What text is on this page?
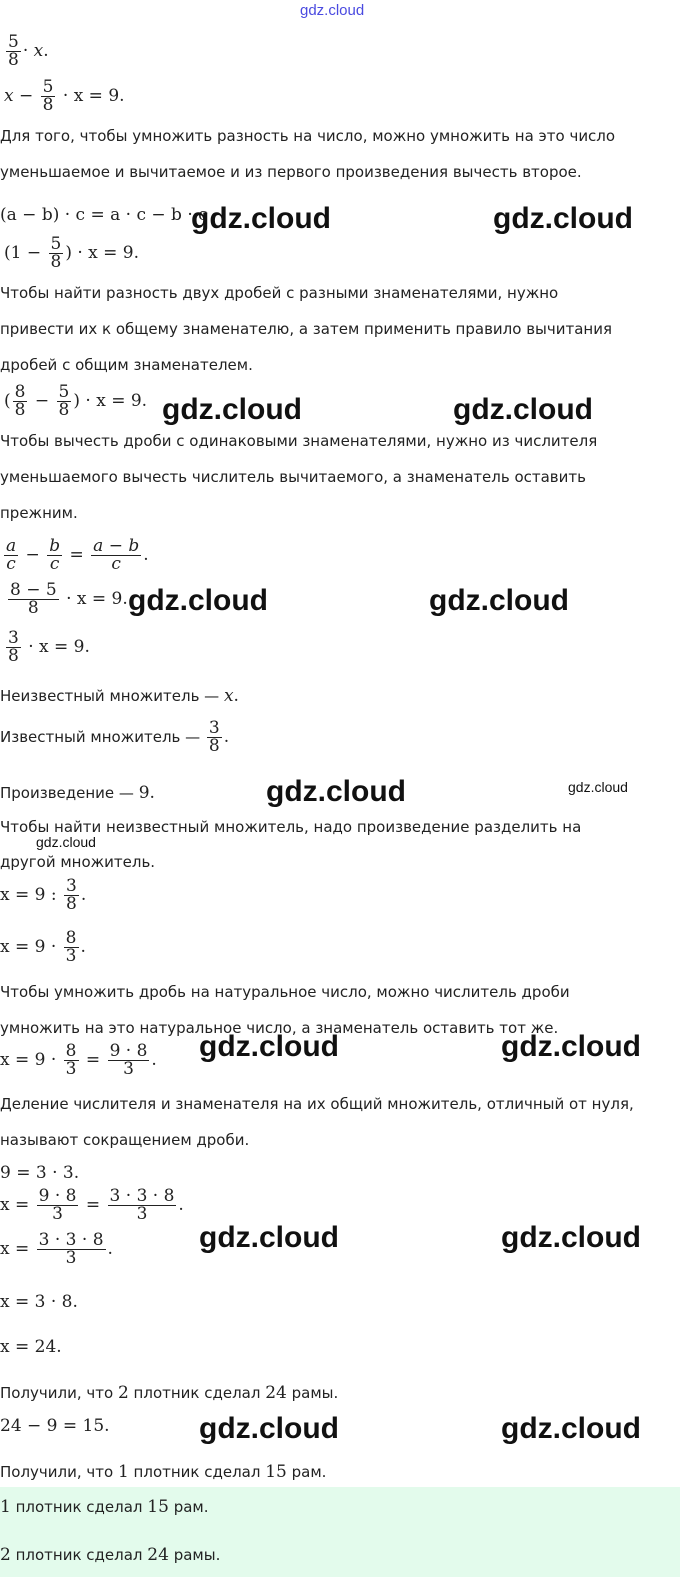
gdz.cloud
$\frac{5}{8} \cdot x$.
$x - \frac{5}{8} \cdot x = 9$.
Для того, чтобы умножить разность на число, можно умножить на это число
уменьшаемое и вычитаемое и из первого произведения вычесть второе.
(a − b) · c = a · c − b · c
($1 - \frac{5}{8}$ ) · x = 9.
Чтобы найти разность двух дробей с разными знаменателями, нужно
привести их к общему знаменателю, а затем применить правило вычитания
дробей с общим знаменателем.
( $\frac{8}{8} - \frac{5}{8}$ ) · x = 9.
Чтобы вычесть дроби с одинаковыми знаменателями, нужно из числителя
уменьшаемого вычесть числитель вычитаемого, а знаменатель оставить
прежним.
$\frac{a}{c} - \frac{b}{c} = \frac{a - b}{c}$ .
$\frac{8 - 5}{8} \cdot x = 9$.
$\frac{3}{8} \cdot x = 9$.
Неизвестный множитель — x.
Известный множитель — $\frac{3}{8}$ .
Произведение — 9.
Чтобы найти неизвестный множитель, надо произведение разделить на
другой множитель.
x = 9 : $\frac{3}{8}$ .
$x = 9 \cdot \frac{8}{3}$ .
Чтобы умножить дробь на натуральное число, можно числитель дроби
умножить на это натуральное число, а знаменатель оставить тот же.
$x = 9 \cdot \frac{8}{3} = \frac{9 \cdot 8}{3}$ .
Деление числителя и знаменателя на их общий множитель, отличный от нуля,
называют сокращением дроби.
9 = 3 · 3.
$x = \frac{9 \cdot 8}{3} = \frac{3 \cdot 3 \cdot 8}{3}$ .
$x = \frac{3 \cdot 3 \cdot 8}{3}$ .
x = 3 · 8.
x = 24.
Получили, что 2 плотник сделал 24 рамы.
24 − 9 = 15.
Получили, что 1 плотник сделал 15 рам.
1 плотник сделал 15 рам.
2 плотник сделал 24 рамы.
gdz.cloud	gdz.cloud
gdz.cloud	gdz.cloud
gdz.cloud	gdz.cloud
gdz.cloud	gdz.cloud
gdz.cloud
gdz.cloud	gdz.cloud
gdz.cloud	gdz.cloud
gdz.cloud	gdz.cloud
